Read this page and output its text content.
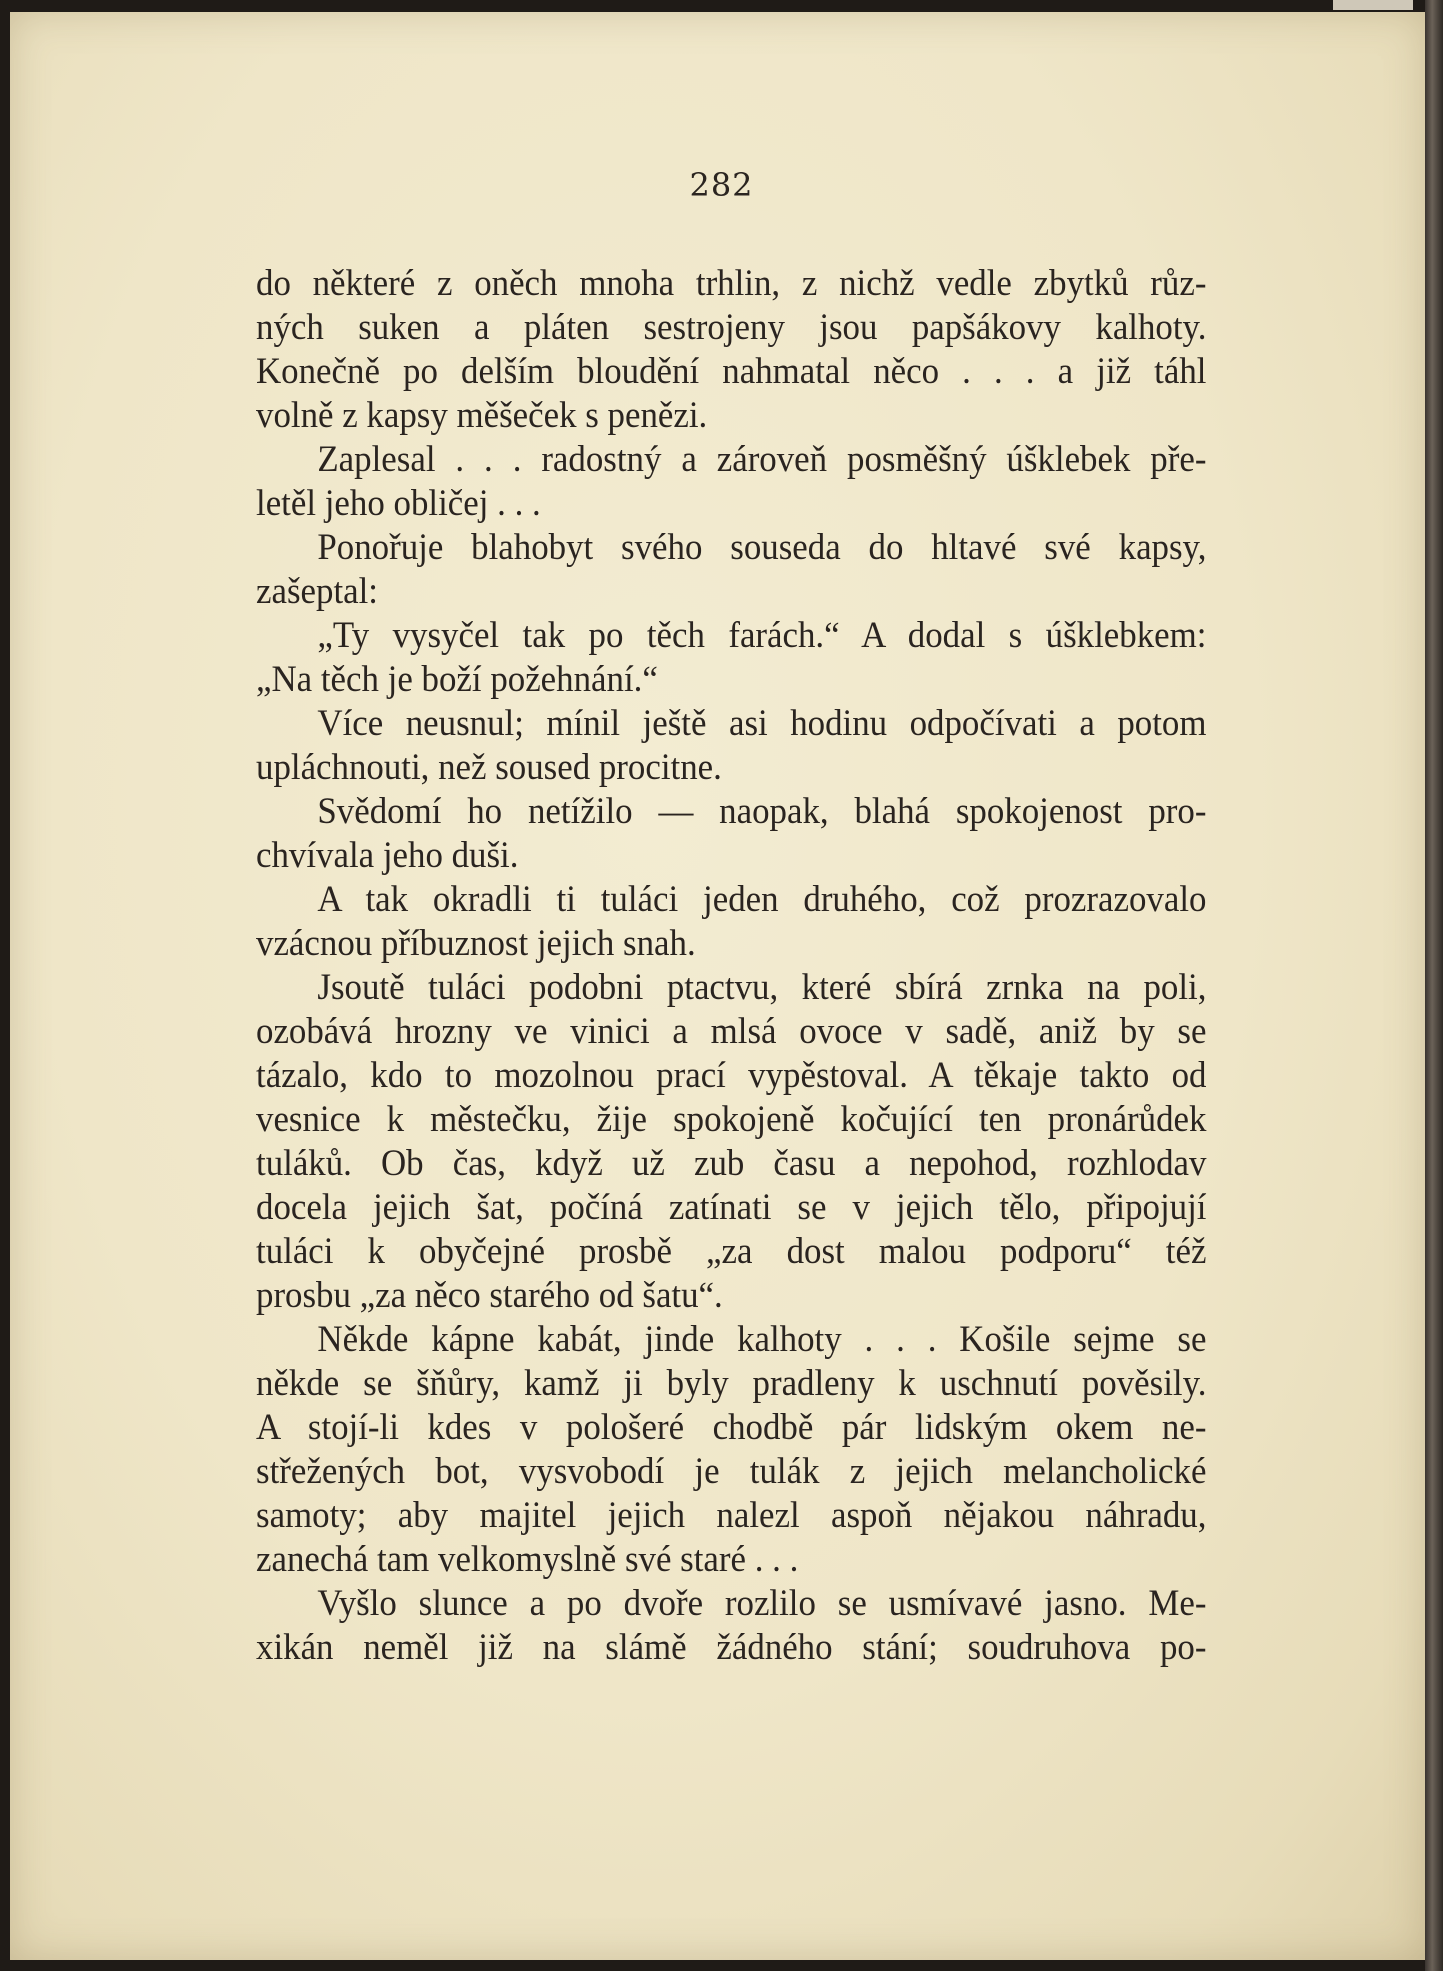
282
do některé z oněch mnoha trhlin, z nichž vedle zbytků růz-
ných suken a pláten sestrojeny jsou papšákovy kalhoty.
Konečně po delším bloudění nahmatal něco . . . a již táhl
volně z kapsy měšeček s penězi.
Zaplesal . . . radostný a zároveň posměšný úšklebek pře-
letěl jeho obličej . . .
Ponořuje blahobyt svého souseda do hltavé své kapsy,
zašeptal:
„Ty vysyčel tak po těch farách.“ A dodal s úšklebkem:
„Na těch je boží požehnání.“
Více neusnul; mínil ještě asi hodinu odpočívati a potom
upláchnouti, než soused procitne.
Svědomí ho netížilo — naopak, blahá spokojenost pro-
chvívala jeho duši.
A tak okradli ti tuláci jeden druhého, což prozrazovalo
vzácnou příbuznost jejich snah.
Jsoutě tuláci podobni ptactvu, které sbírá zrnka na poli,
ozobává hrozny ve vinici a mlsá ovoce v sadě, aniž by se
tázalo, kdo to mozolnou prací vypěstoval. A těkaje takto od
vesnice k městečku, žije spokojeně kočující ten pronárůdek
tuláků. Ob čas, když už zub času a nepohod, rozhlodav
docela jejich šat, počíná zatínati se v jejich tělo, připojují
tuláci k obyčejné prosbě „za dost malou podporu“ též
prosbu „za něco starého od šatu“.
Někde kápne kabát, jinde kalhoty . . . Košile sejme se
někde se šňůry, kamž ji byly pradleny k uschnutí pověsily.
A stojí-li kdes v pološeré chodbě pár lidským okem ne-
střežených bot, vysvobodí je tulák z jejich melancholické
samoty; aby majitel jejich nalezl aspoň nějakou náhradu,
zanechá tam velkomyslně své staré . . .
Vyšlo slunce a po dvoře rozlilo se usmívavé jasno. Me-
xikán neměl již na slámě žádného stání; soudruhova po-
